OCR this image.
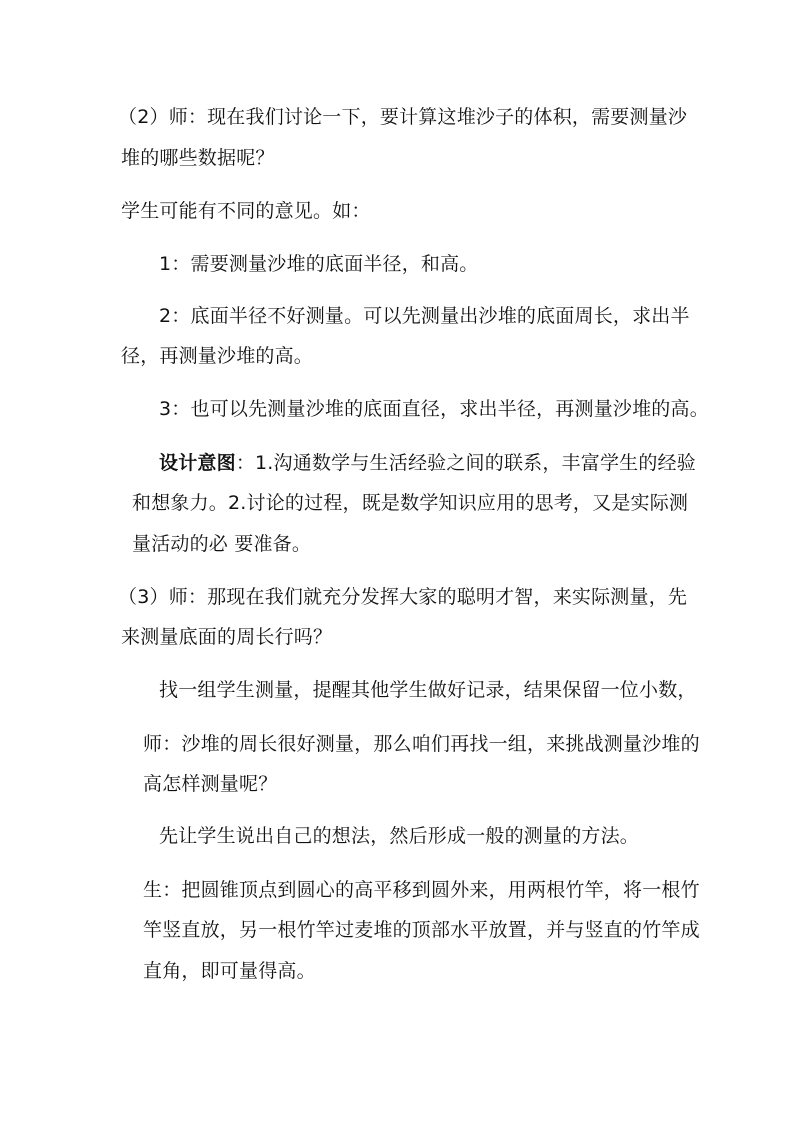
（2）师：现在我们讨论一下，要计算这堆沙子的体积，需要测量沙
堆的哪些数据呢？
学生可能有不同的意见。如：
1：需要测量沙堆的底面半径，和高。
2：底面半径不好测量。可以先测量出沙堆的底面周长，求出半
径，再测量沙堆的高。
3：也可以先测量沙堆的底面直径，求出半径，再测量沙堆的高。
设计意图：1.沟通数学与生活经验之间的联系，丰富学生的经验
和想象力。2.讨论的过程，既是数学知识应用的思考，又是实际测
量活动的必 要准备。
（3）师：那现在我们就充分发挥大家的聪明才智，来实际测量，先
来测量底面的周长行吗？
找一组学生测量，提醒其他学生做好记录，结果保留一位小数，
师：沙堆的周长很好测量，那么咱们再找一组，来挑战测量沙堆的
高怎样测量呢？
先让学生说出自己的想法，然后形成一般的测量的方法。
生：把圆锥顶点到圆心的高平移到圆外来，用两根竹竿，将一根竹
竿竖直放，另一根竹竿过麦堆的顶部水平放置，并与竖直的竹竿成
直角，即可量得高。
